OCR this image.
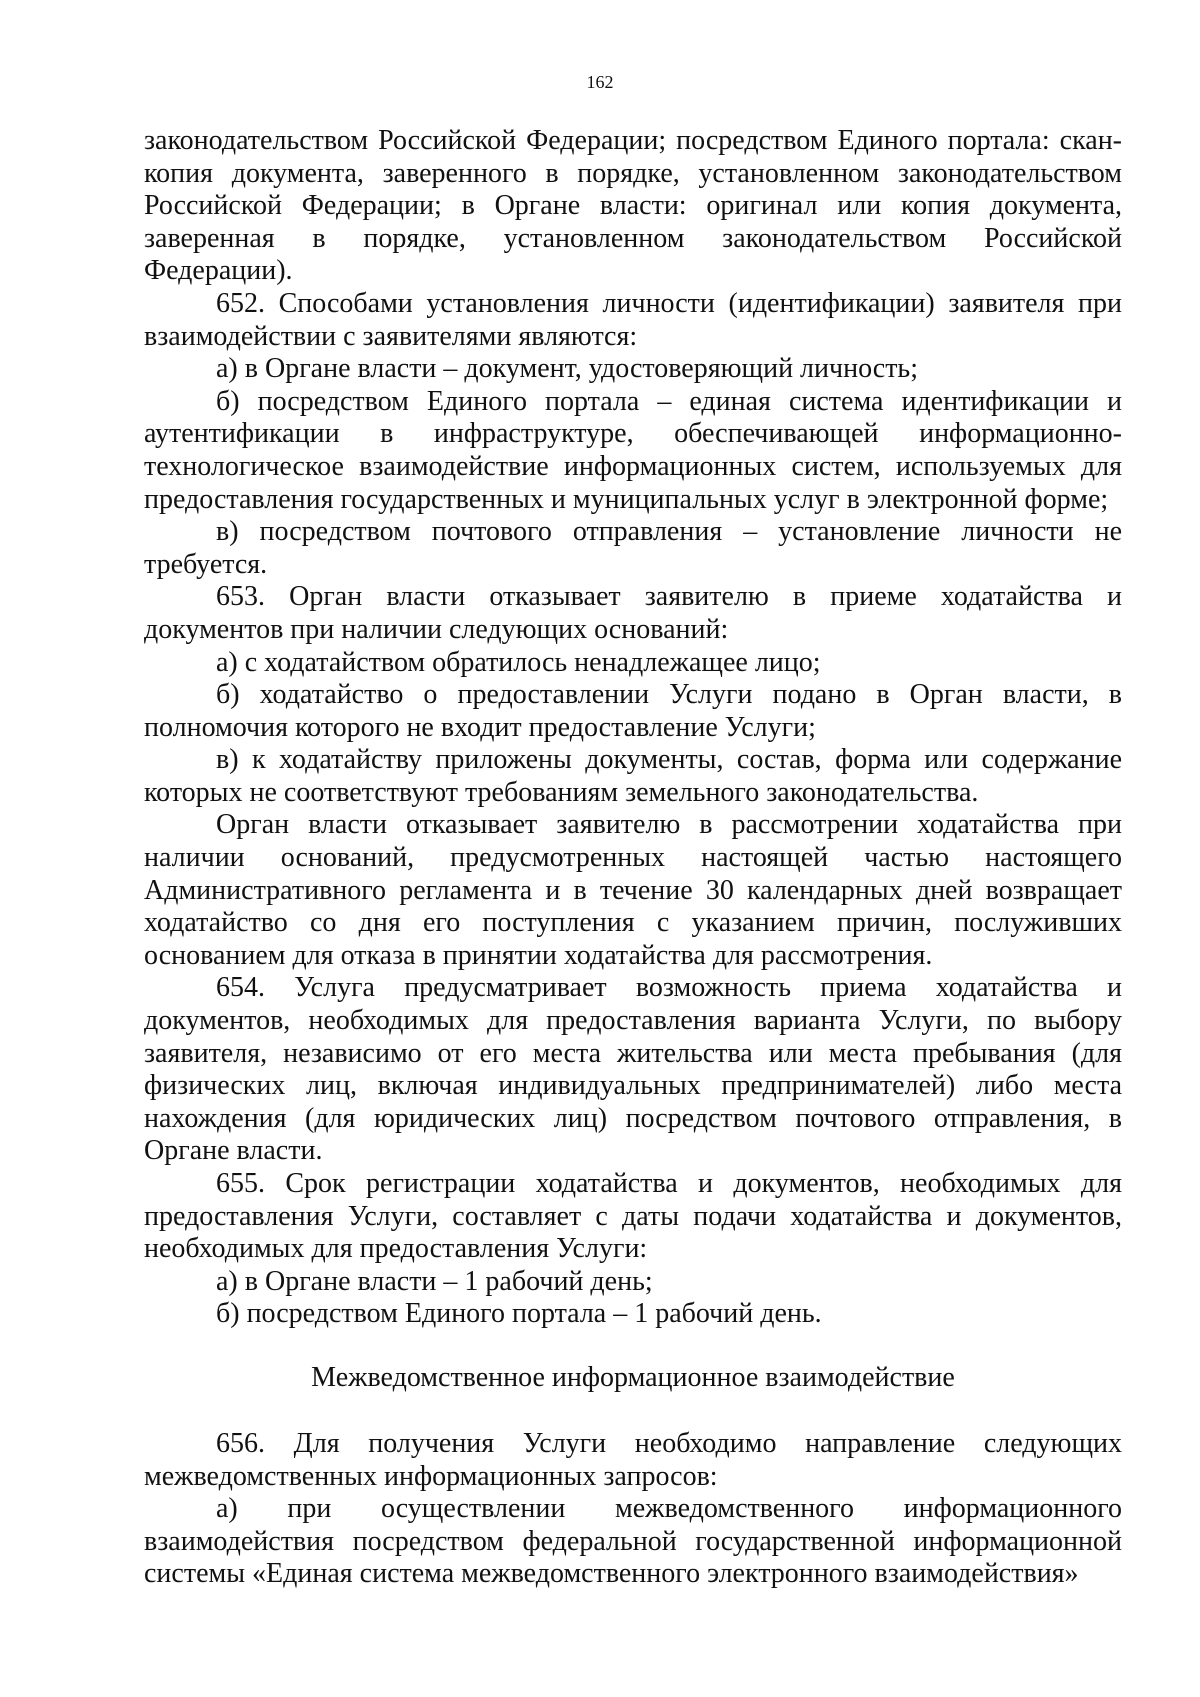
162

законодательством Российской Федерации; посредством Единого портала: скан-копия документа, заверенного в порядке, установленном законодательством Российской Федерации; в Органе власти: оригинал или копия документа, заверенная в порядке, установленном законодательством Российской Федерации).

652. Способами установления личности (идентификации) заявителя при взаимодействии с заявителями являются:

а) в Органе власти – документ, удостоверяющий личность;

б) посредством Единого портала – единая система идентификации и аутентификации в инфраструктуре, обеспечивающей информационно-технологическое взаимодействие информационных систем, используемых для предоставления государственных и муниципальных услуг в электронной форме;

в) посредством почтового отправления – установление личности не требуется.

653. Орган власти отказывает заявителю в приеме ходатайства и документов при наличии следующих оснований:

а) с ходатайством обратилось ненадлежащее лицо;

б) ходатайство о предоставлении Услуги подано в Орган власти, в полномочия которого не входит предоставление Услуги;

в) к ходатайству приложены документы, состав, форма или содержание которых не соответствуют требованиям земельного законодательства.

Орган власти отказывает заявителю в рассмотрении ходатайства при наличии оснований, предусмотренных настоящей частью настоящего Административного регламента и в течение 30 календарных дней возвращает ходатайство со дня его поступления с указанием причин, послуживших основанием для отказа в принятии ходатайства для рассмотрения.

654. Услуга предусматривает возможность приема ходатайства и документов, необходимых для предоставления варианта Услуги, по выбору заявителя, независимо от его места жительства или места пребывания (для физических лиц, включая индивидуальных предпринимателей) либо места нахождения (для юридических лиц) посредством почтового отправления, в Органе власти.

655. Срок регистрации ходатайства и документов, необходимых для предоставления Услуги, составляет с даты подачи ходатайства и документов, необходимых для предоставления Услуги:

а) в Органе власти – 1 рабочий день;

б) посредством Единого портала – 1 рабочий день.

Межведомственное информационное взаимодействие

656. Для получения Услуги необходимо направление следующих межведомственных информационных запросов:

а) при осуществлении межведомственного информационного взаимодействия посредством федеральной государственной информационной системы «Единая система межведомственного электронного взаимодействия»
